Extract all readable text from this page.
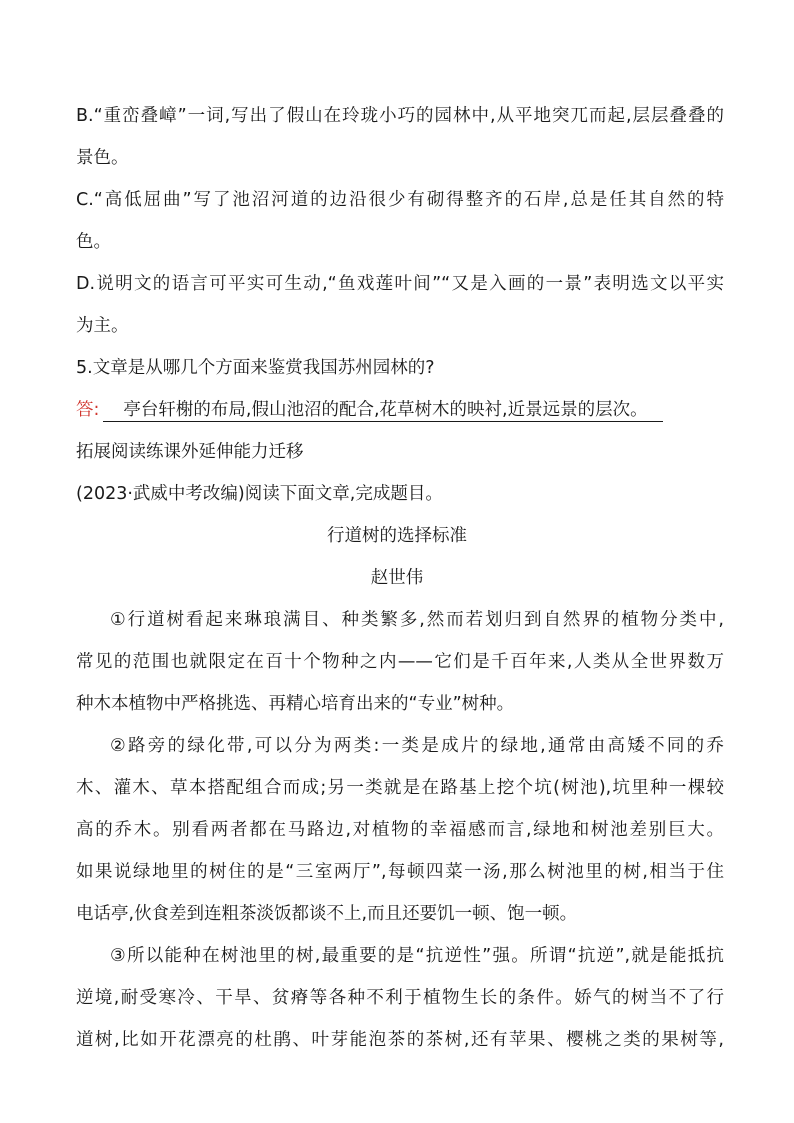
B.“重峦叠嶂”一词,写出了假山在玲珑小巧的园林中,从平地突兀而起,层层叠叠的
景色。
C.“高低屈曲”写了池沼河道的边沿很少有砌得整齐的石岸,总是任其自然的特
色。
D.说明文的语言可平实可生动,“鱼戏莲叶间”“又是入画的一景”表明选文以平实
为主。
5.文章是从哪几个方面来鉴赏我国苏州园林的?
答: 亭台轩榭的布局,假山池沼的配合,花草树木的映衬,近景远景的层次。
拓展阅读练课外延伸能力迁移
(2023·武威中考改编)阅读下面文章,完成题目。
行道树的选择标准
赵世伟
①行道树看起来琳琅满目、种类繁多,然而若划归到自然界的植物分类中,
常见的范围也就限定在百十个物种之内——它们是千百年来,人类从全世界数万
种木本植物中严格挑选、再精心培育出来的“专业”树种。
②路旁的绿化带,可以分为两类:一类是成片的绿地,通常由高矮不同的乔
木、灌木、草本搭配组合而成;另一类就是在路基上挖个坑(树池),坑里种一棵较
高的乔木。别看两者都在马路边,对植物的幸福感而言,绿地和树池差别巨大。
如果说绿地里的树住的是“三室两厅”,每顿四菜一汤,那么树池里的树,相当于住
电话亭,伙食差到连粗茶淡饭都谈不上,而且还要饥一顿、饱一顿。
③所以能种在树池里的树,最重要的是“抗逆性”强。所谓“抗逆”,就是能抵抗
逆境,耐受寒冷、干旱、贫瘠等各种不利于植物生长的条件。娇气的树当不了行
道树,比如开花漂亮的杜鹃、叶芽能泡茶的茶树,还有苹果、樱桃之类的果树等,
